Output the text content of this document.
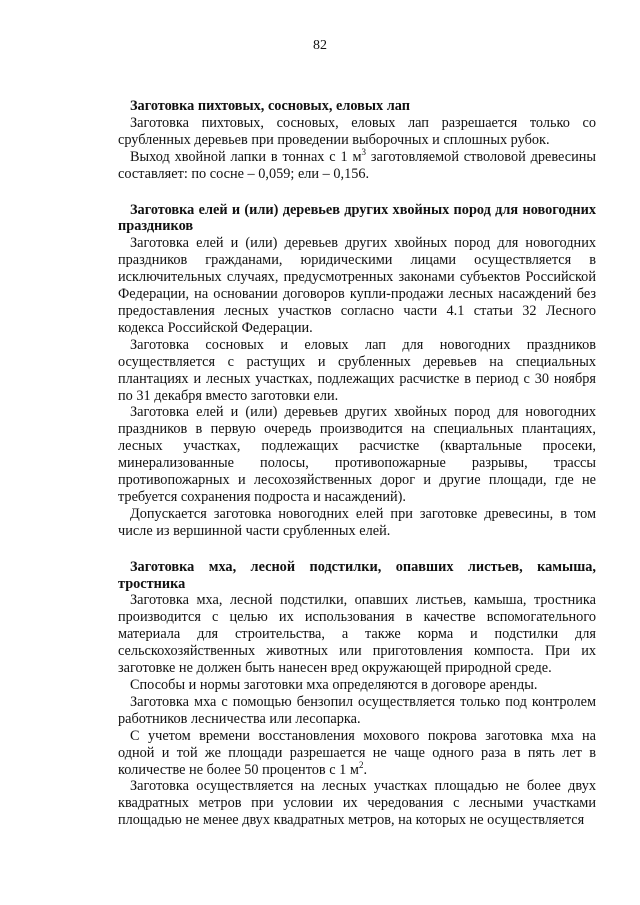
82

Заготовка пихтовых, сосновых, еловых лап

Заготовка пихтовых, сосновых, еловых лап разрешается только со срубленных деревьев при проведении выборочных и сплошных рубок.

Выход хвойной лапки в тоннах с 1 $м^3$ заготовляемой стволовой древесины составляет: по сосне – 0,059; ели – 0,156.

Заготовка елей и (или) деревьев других хвойных пород для новогодних праздников

Заготовка елей и (или) деревьев других хвойных пород для новогодних праздников гражданами, юридическими лицами осуществляется в исключительных случаях, предусмотренных законами субъектов Российской Федерации, на основании договоров купли-продажи лесных насаждений без предоставления лесных участков согласно части 4.1 статьи 32 Лесного кодекса Российской Федерации.

Заготовка сосновых и еловых лап для новогодних праздников осуществляется с растущих и срубленных деревьев на специальных плантациях и лесных участках, подлежащих расчистке в период с 30 ноября по 31 декабря вместо заготовки ели.

Заготовка елей и (или) деревьев других хвойных пород для новогодних праздников в первую очередь производится на специальных плантациях, лесных участках, подлежащих расчистке (квартальные просеки, минерализованные полосы, противопожарные разрывы, трассы противопожарных и лесохозяйственных дорог и другие площади, где не требуется сохранения подроста и насаждений).

Допускается заготовка новогодних елей при заготовке древесины, в том числе из вершинной части срубленных елей.

Заготовка мха, лесной подстилки, опавших листьев, камыша, тростника

Заготовка мха, лесной подстилки, опавших листьев, камыша, тростника производится с целью их использования в качестве вспомогательного материала для строительства, а также корма и подстилки для сельскохозяйственных животных или приготовления компоста. При их заготовке не должен быть нанесен вред окружающей природной среде.

Способы и нормы заготовки мха определяются в договоре аренды.

Заготовка мха с помощью бензопил осуществляется только под контролем работников лесничества или лесопарка.

С учетом времени восстановления мохового покрова заготовка мха на одной и той же площади разрешается не чаще одного раза в пять лет в количестве не более 50 процентов с 1 $м^2$.

Заготовка осуществляется на лесных участках площадью не более двух квадратных метров при условии их чередования с лесными участками площадью не менее двух квадратных метров, на которых не осуществляется
